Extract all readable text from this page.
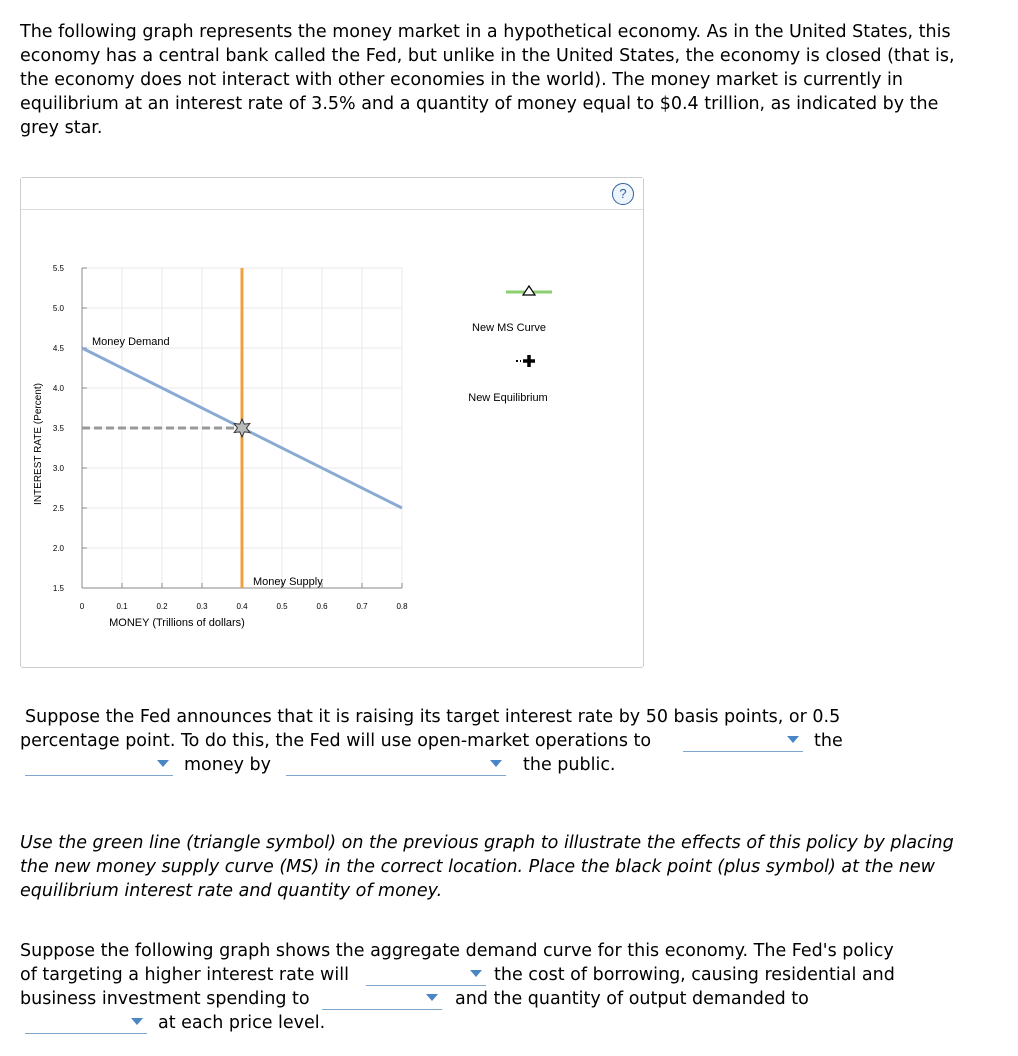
The following graph represents the money market in a hypothetical economy. As in the United States, this economy has a central bank called the Fed, but unlike in the United States, the economy is closed (that is, the economy does not interact with other economies in the world). The money market is currently in equilibrium at an interest rate of 3.5% and a quantity of money equal to $0.4 trillion, as indicated by the grey star.

?
1.5
2.0
2.5
3.0
3.5
4.0
4.5
5.0
5.5
0	0.1	0.2	0.3	0.4	0.5	0.6	0.7	0.8
MONEY (Trillions of dollars)
INTEREST RATE (Percent)
Money Demand
Money Supply
New MS Curve
New Equilibrium
Suppose the Fed announces that it is raising its target interest rate by 50 basis points, or 0.5
percentage point. To do this, the Fed will use open-market operations to	the
money by	the public.

Use the green line (triangle symbol) on the previous graph to illustrate the effects of this policy by placing the new money supply curve (MS) in the correct location. Place the black point (plus symbol) at the new equilibrium interest rate and quantity of money.

Suppose the following graph shows the aggregate demand curve for this economy. The Fed's policy
of targeting a higher interest rate will	the cost of borrowing, causing residential and
business investment spending to	and the quantity of output demanded to
at each price level.
